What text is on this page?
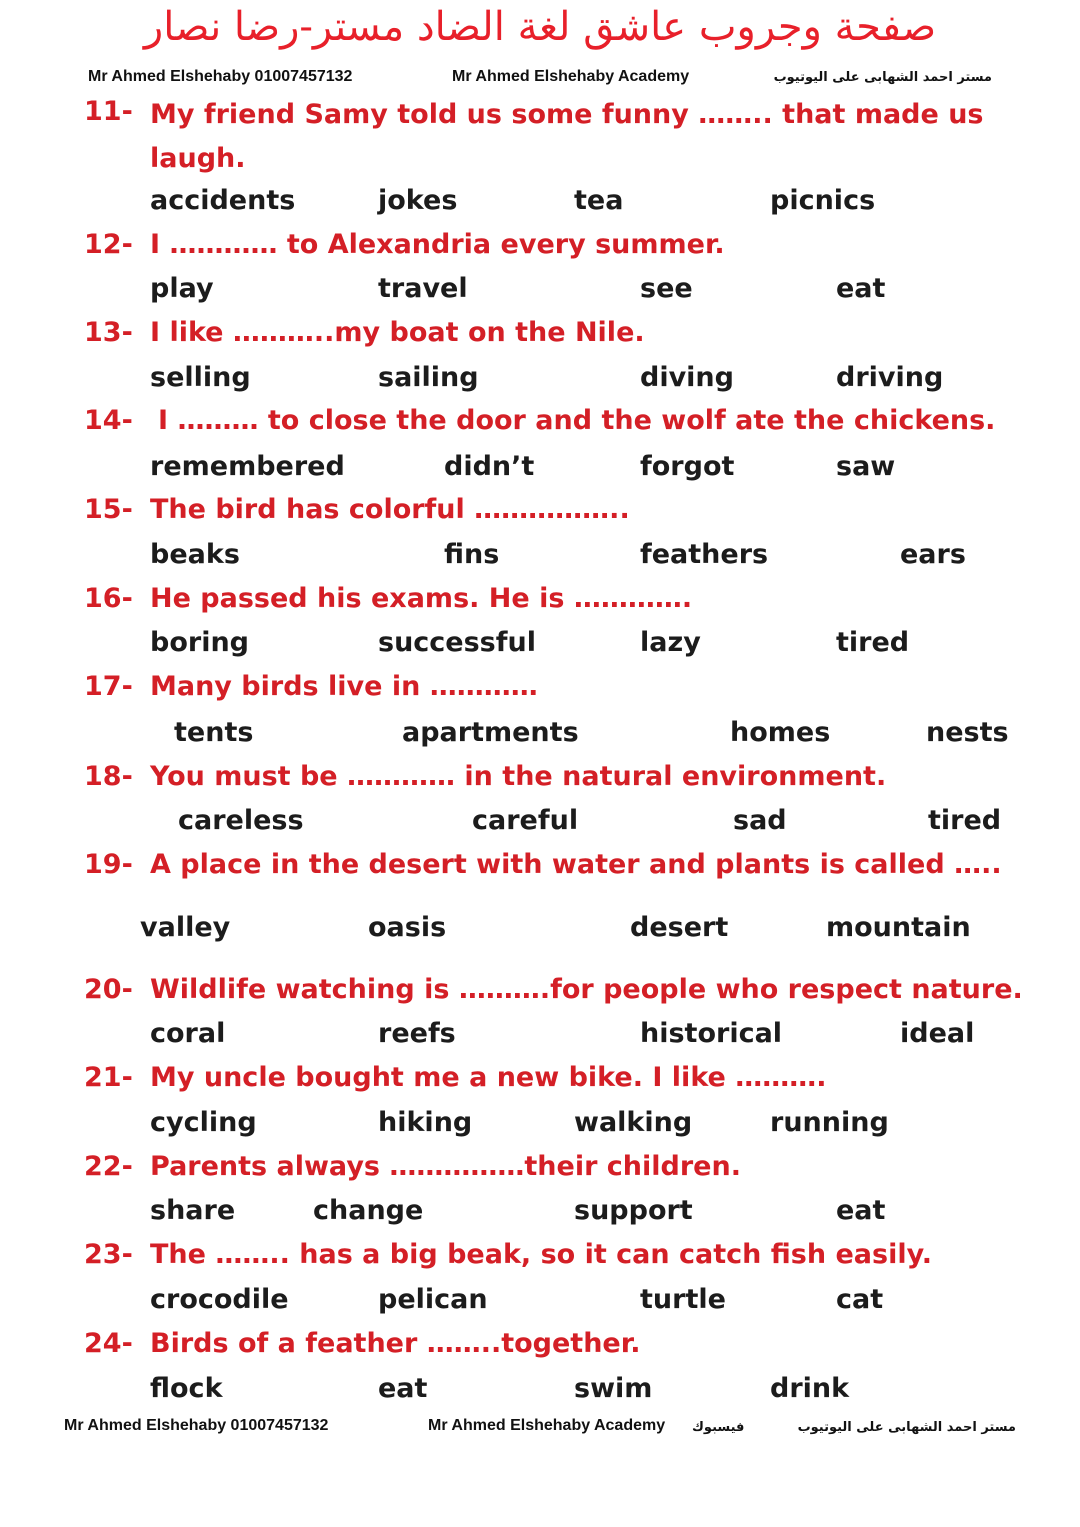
صفحة وجروب عاشق لغة الضاد مستر-رضا نصار
Mr Ahmed Elshehaby 01007457132	Mr Ahmed Elshehaby Academy	مستر احمد الشهابى على اليوتيوب
11- My friend Samy told us some funny …….. that made us laugh.
accidents	jokes	tea	picnics
12- I ………… to Alexandria every summer.
play	travel	see	eat
13- I like ………..my boat on the Nile.
selling	sailing	diving	driving
14- I ……… to close the door and the wolf ate the chickens.
remembered	didn’t	forgot	saw
15- The bird has colorful ……………..
beaks	fins	feathers	ears
16- He passed his exams. He is ………….
boring	successful	lazy	tired
17- Many birds live in …………
tents	apartments	homes	nests
18- You must be ………… in the natural environment.
careless	careful	sad	tired
19- A place in the desert with water and plants is called …..
valley	oasis	desert	mountain
20- Wildlife watching is ……….for people who respect nature.
coral	reefs	historical	ideal
21- My uncle bought me a new bike. I like ……….
cycling	hiking	walking	running
22- Parents always ……………their children.
share	change	support	eat
23- The …….. has a big beak, so it can catch fish easily.
crocodile	pelican	turtle	cat
24- Birds of a feather ……..together.
flock	eat	swim	drink
Mr Ahmed Elshehaby 01007457132	Mr Ahmed Elshehaby Academy فيسبوك	مستر احمد الشهابى على اليوتيوب
